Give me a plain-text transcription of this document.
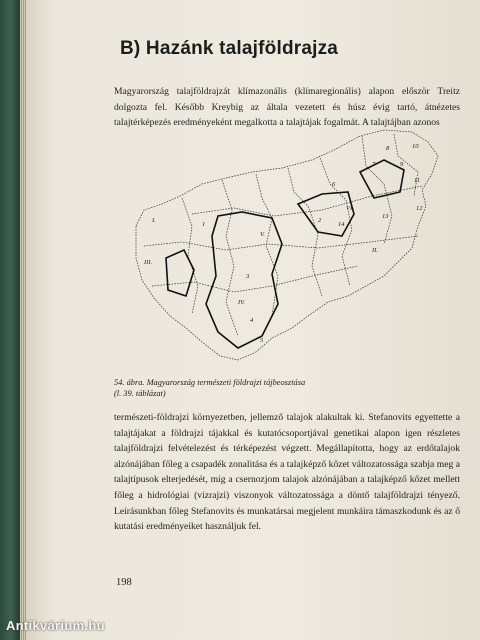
B) Hazánk talajföldrajza

Magyarország talajföldrajzát klímazonális (klímaregionális) alapon először Treitz dolgozta fel. Később Kreybig az általa vezetett és húsz évig tartó, átnézetes talajtérképezés eredményeként megalkotta a talajtájak fogalmát. A talajtájban azonos

I.
III.
IV.
V.
VI.
II.
1
2
3
4
5
6
7
8
9
10
11
12
13
14

54. ábra. Magyarország természeti földrajzi tájbeosztása
(l. 39. táblázat)

természeti-földrajzi környezetben, jellemző talajok alakultak ki. Stefanovits egyettette a talajtájakat a földrajzi tájakkal és kutatócsoportjával genetikai alapon igen részletes talajföldrajzi felvételezést és térképezést végzett. Megállapította, hogy az erdőtalajok alzónájában főleg a csapadék zonalitása és a talajképző kőzet változatossága szabja meg a talajtípusok elterjedését, míg a csernozjom talajok alzónájában a talajképző kőzet mellett főleg a hidrológiai (vízrajzi) viszonyok változatossága a döntő talajföldrajzi tényező. Leírásunkban főleg Stefanovits és munkatársai megjelent munkáira támaszkodunk és az ő kutatási eredményeiket használjuk fel.

198
Antikvárium.hu
